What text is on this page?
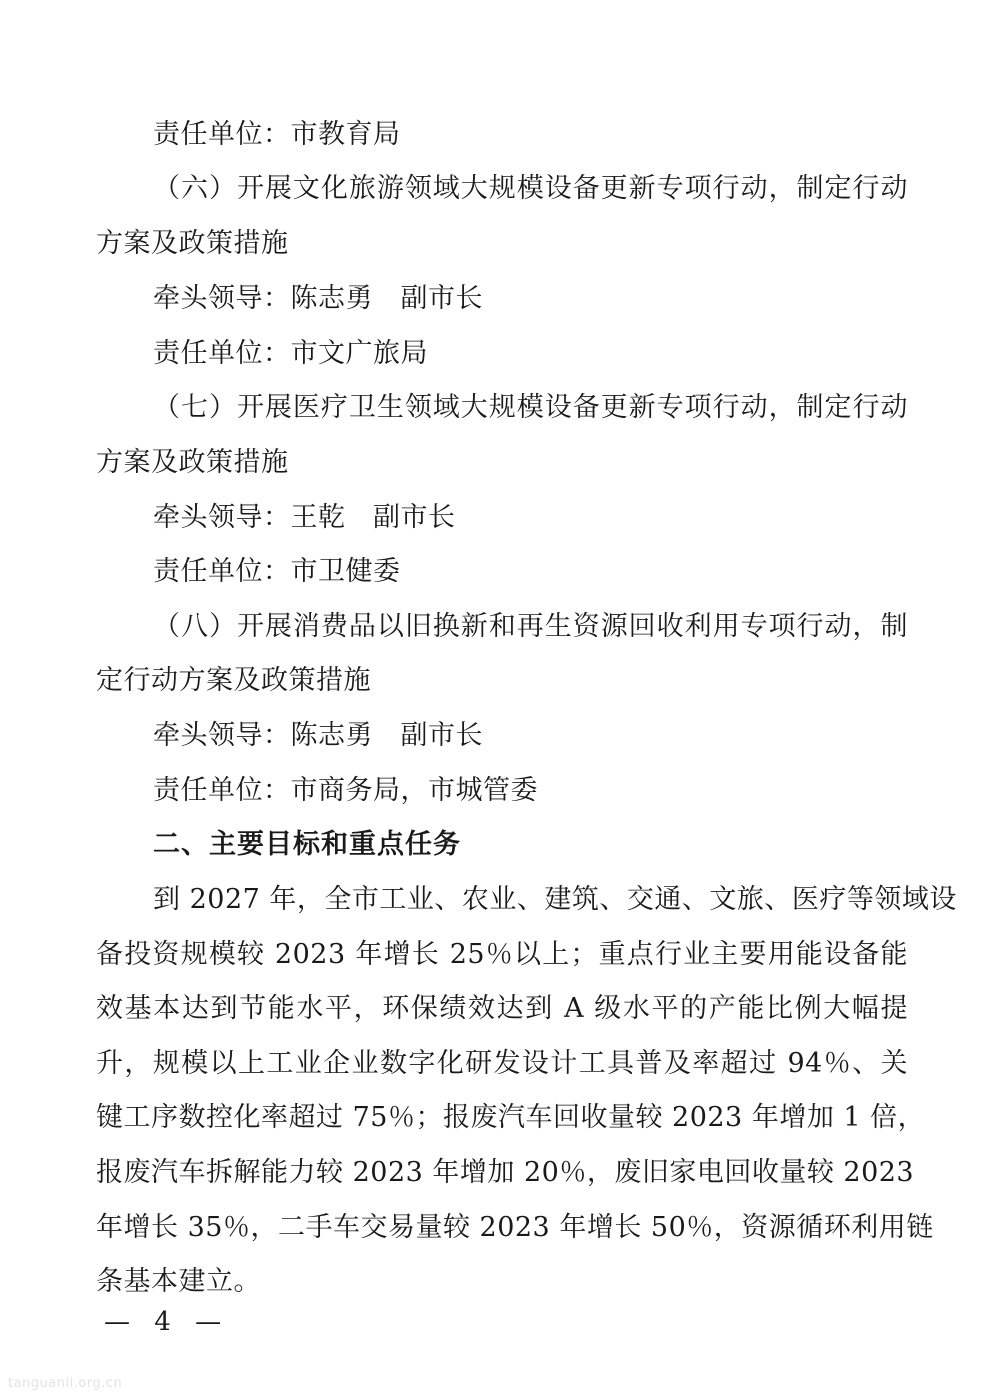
责任单位：市教育局
（六）开展文化旅游领域大规模设备更新专项行动，制定行动
方案及政策措施
牵头领导：陈志勇　副市长
责任单位：市文广旅局
（七）开展医疗卫生领域大规模设备更新专项行动，制定行动
方案及政策措施
牵头领导：王乾　副市长
责任单位：市卫健委
（八）开展消费品以旧换新和再生资源回收利用专项行动，制
定行动方案及政策措施
牵头领导：陈志勇　副市长
责任单位：市商务局，市城管委
二、主要目标和重点任务
到 2027 年，全市工业、农业、建筑、交通、文旅、医疗等领域设
备投资规模较 2023 年增长 25％以上；重点行业主要用能设备能
效基本达到节能水平，环保绩效达到 A 级水平的产能比例大幅提
升，规模以上工业企业数字化研发设计工具普及率超过 94％、关
键工序数控化率超过 75％；报废汽车回收量较 2023 年增加 1 倍，
报废汽车拆解能力较 2023 年增加 20％，废旧家电回收量较 2023
年增长 35％，二手车交易量较 2023 年增长 50％，资源循环利用链
条基本建立。
— 4 —
tanguanli.org.cn
